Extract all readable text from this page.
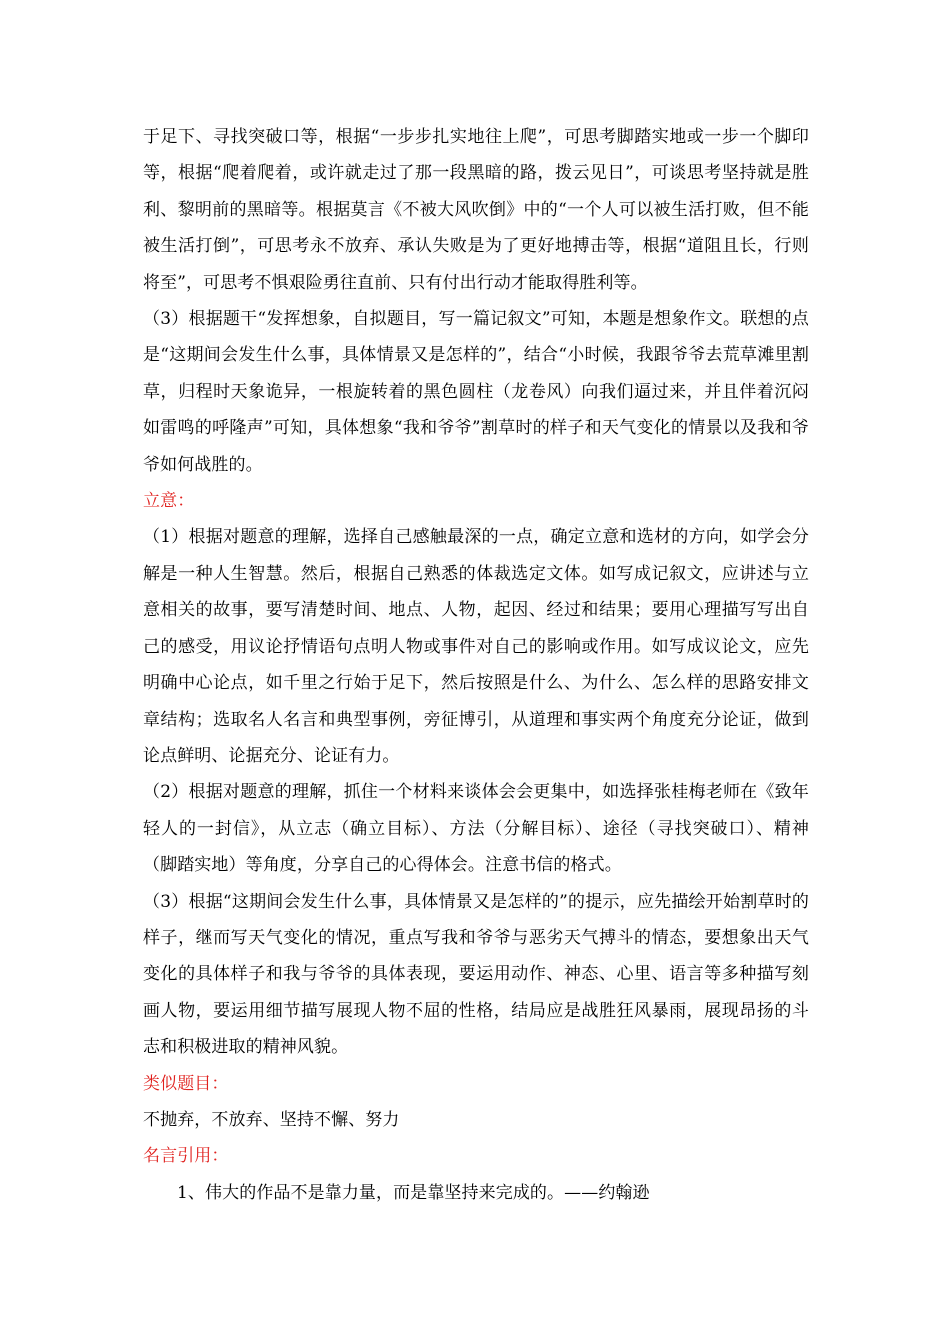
于足下、寻找突破口等，根据“一步步扎实地往上爬”，可思考脚踏实地或一步一个脚印等，根据“爬着爬着，或许就走过了那一段黑暗的路，拨云见日”，可谈思考坚持就是胜利、黎明前的黑暗等。根据莫言《不被大风吹倒》中的“一个人可以被生活打败，但不能被生活打倒”，可思考永不放弃、承认失败是为了更好地搏击等，根据“道阻且长，行则将至”，可思考不惧艰险勇往直前、只有付出行动才能取得胜利等。

（3）根据题干“发挥想象，自拟题目，写一篇记叙文”可知，本题是想象作文。联想的点是“这期间会发生什么事，具体情景又是怎样的”，结合“小时候，我跟爷爷去荒草滩里割草，归程时天象诡异，一根旋转着的黑色圆柱（龙卷风）向我们逼过来，并且伴着沉闷如雷鸣的呼隆声”可知，具体想象“我和爷爷”割草时的样子和天气变化的情景以及我和爷爷如何战胜的。

立意：

（1）根据对题意的理解，选择自己感触最深的一点，确定立意和选材的方向，如学会分解是一种人生智慧。然后，根据自己熟悉的体裁选定文体。如写成记叙文，应讲述与立意相关的故事，要写清楚时间、地点、人物，起因、经过和结果；要用心理描写写出自己的感受，用议论抒情语句点明人物或事件对自己的影响或作用。如写成议论文，应先明确中心论点，如千里之行始于足下，然后按照是什么、为什么、怎么样的思路安排文章结构；选取名人名言和典型事例，旁征博引，从道理和事实两个角度充分论证，做到论点鲜明、论据充分、论证有力。

（2）根据对题意的理解，抓住一个材料来谈体会会更集中，如选择张桂梅老师在《致年轻人的一封信》，从立志（确立目标）、方法（分解目标）、途径（寻找突破口）、精神（脚踏实地）等角度，分享自己的心得体会。注意书信的格式。

（3）根据“这期间会发生什么事，具体情景又是怎样的”的提示，应先描绘开始割草时的样子，继而写天气变化的情况，重点写我和爷爷与恶劣天气搏斗的情态，要想象出天气变化的具体样子和我与爷爷的具体表现，要运用动作、神态、心里、语言等多种描写刻画人物，要运用细节描写展现人物不屈的性格，结局应是战胜狂风暴雨，展现昂扬的斗志和积极进取的精神风貌。

类似题目：

不抛弃，不放弃、坚持不懈、努力

名言引用：

1、伟大的作品不是靠力量，而是靠坚持来完成的。——约翰逊
